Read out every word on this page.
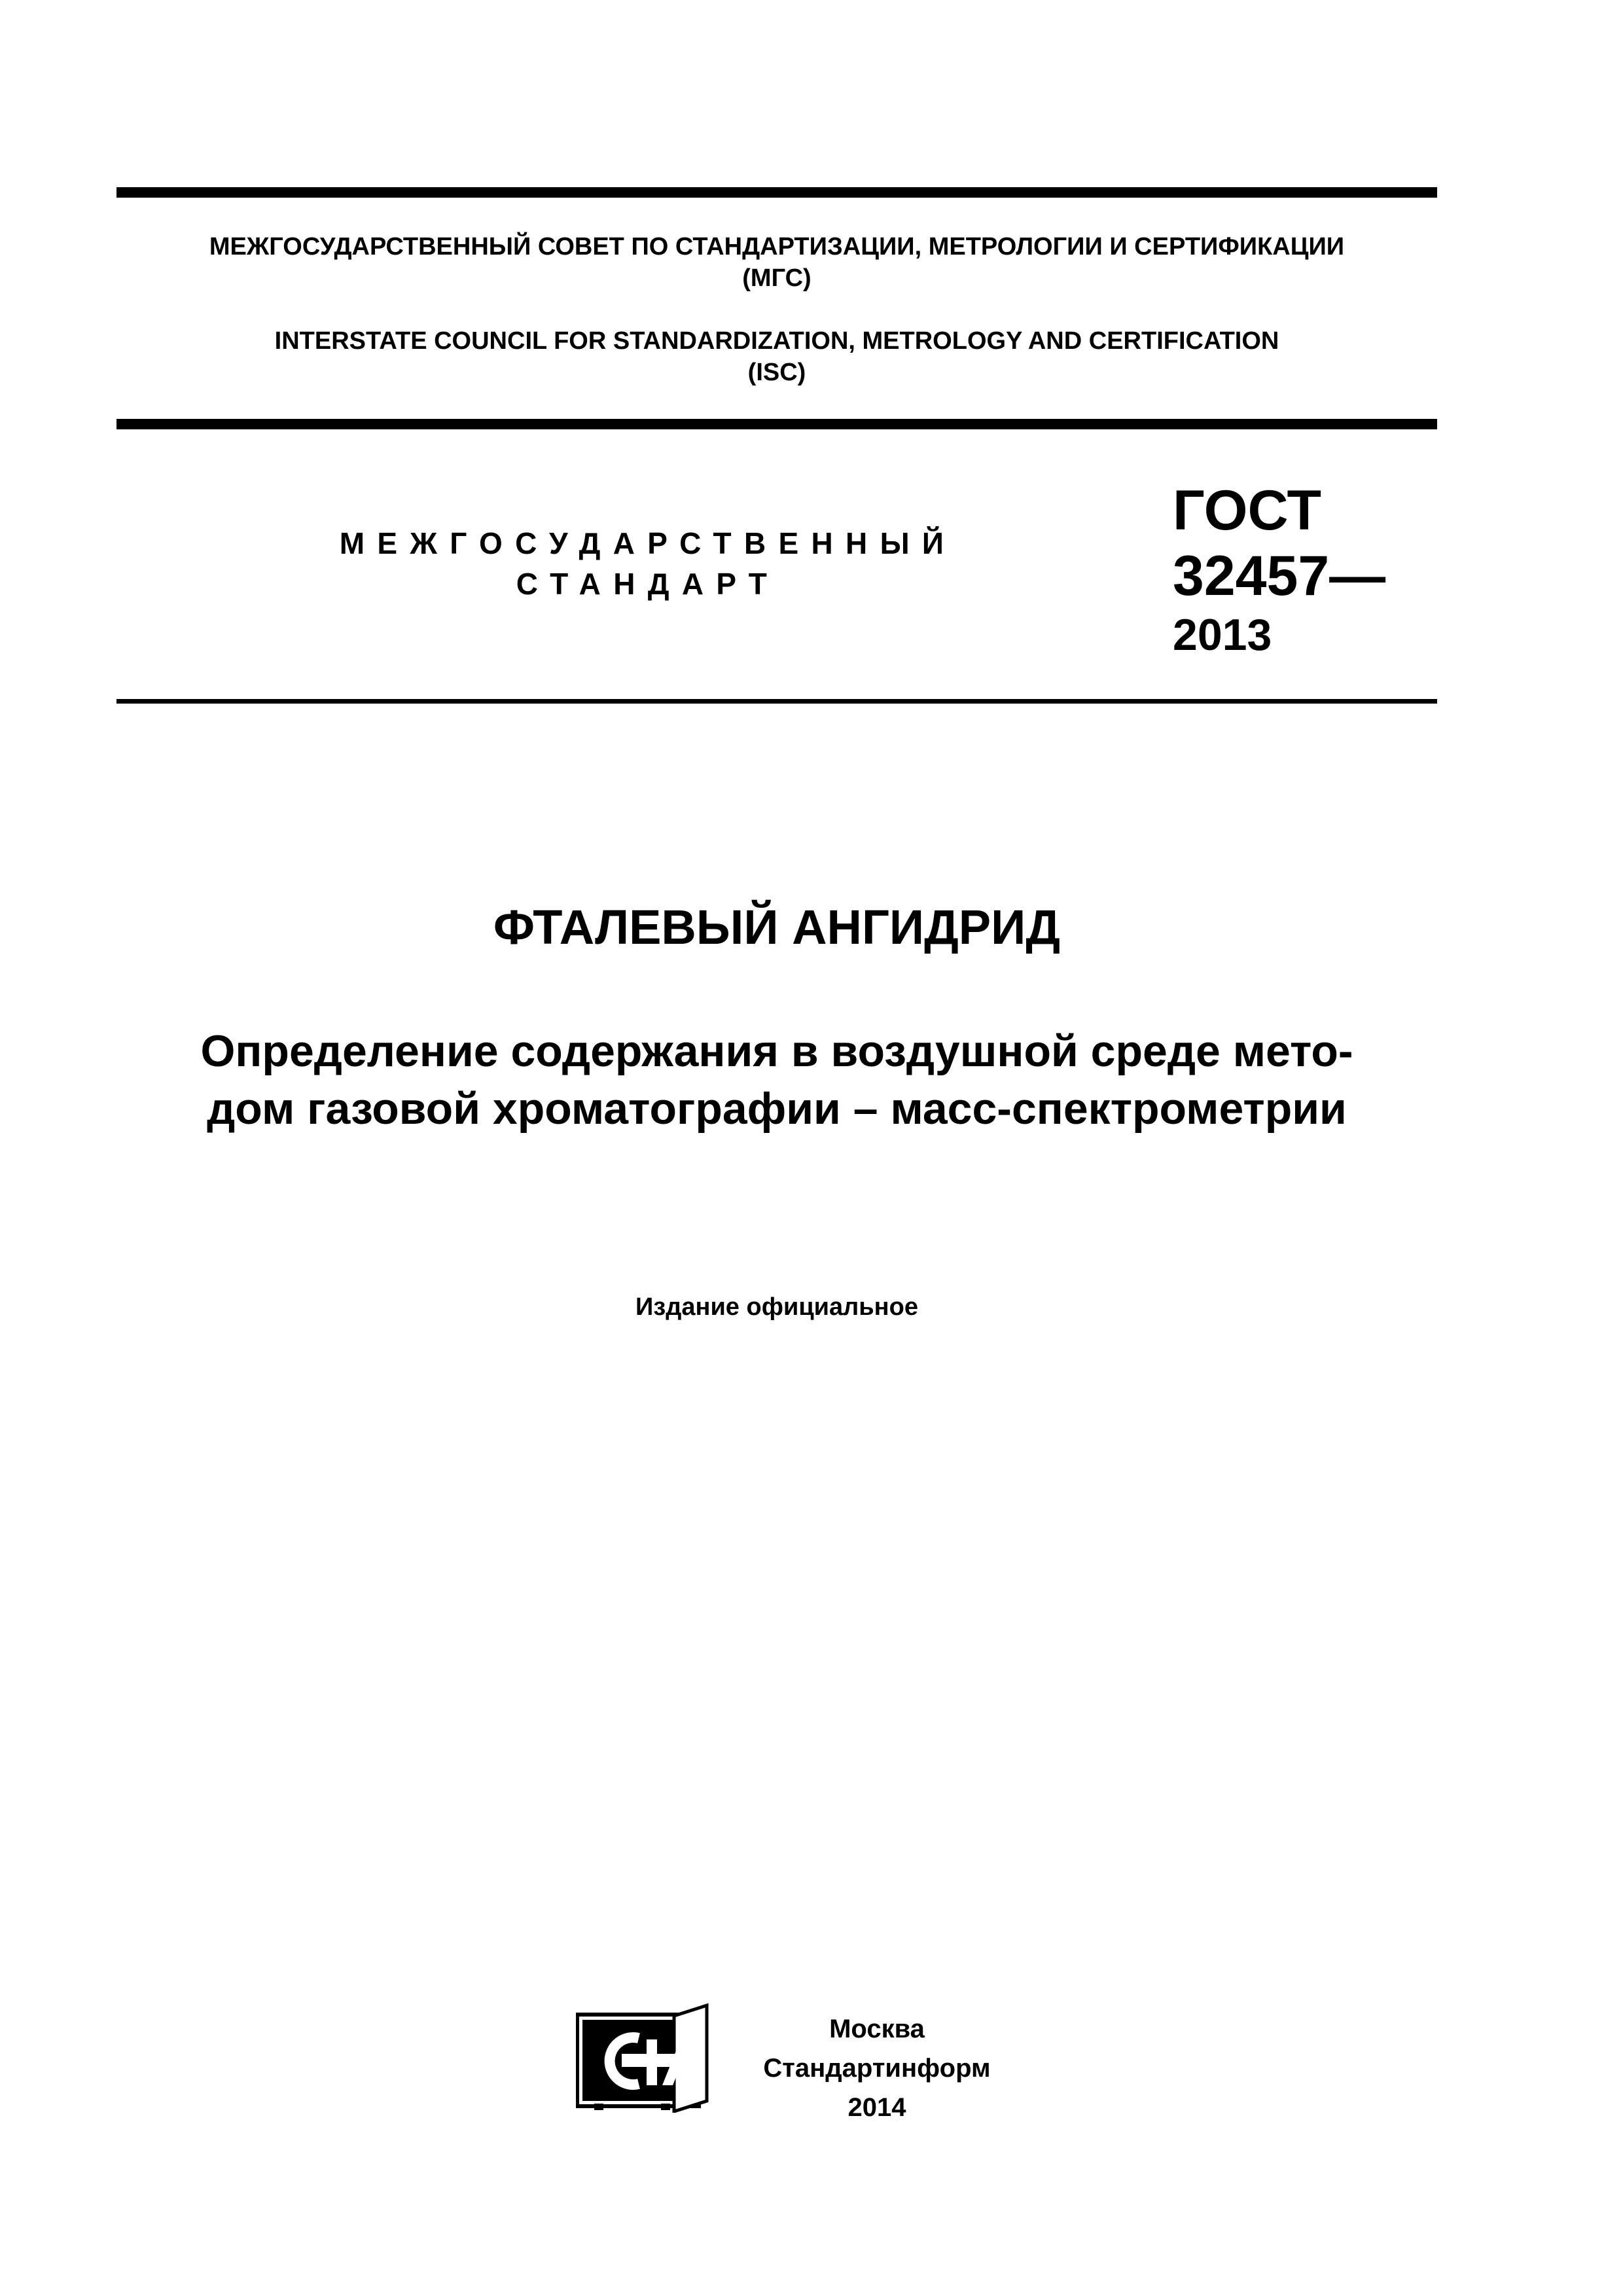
МЕЖГОСУДАРСТВЕННЫЙ СОВЕТ ПО СТАНДАРТИЗАЦИИ, МЕТРОЛОГИИ И СЕРТИФИКАЦИИ
(МГС)
INTERSTATE COUNCIL FOR STANDARDIZATION, METROLOGY AND CERTIFICATION
(ISC)
МЕЖГОСУДАРСТВЕННЫЙ
СТАНДАРТ
ГОСТ
32457—
2013
ФТАЛЕВЫЙ АНГИДРИД
Определение содержания в воздушной среде мето-
дом газовой хроматографии – масс-спектрометрии
Издание официальное
Москва
Стандартинформ
2014
